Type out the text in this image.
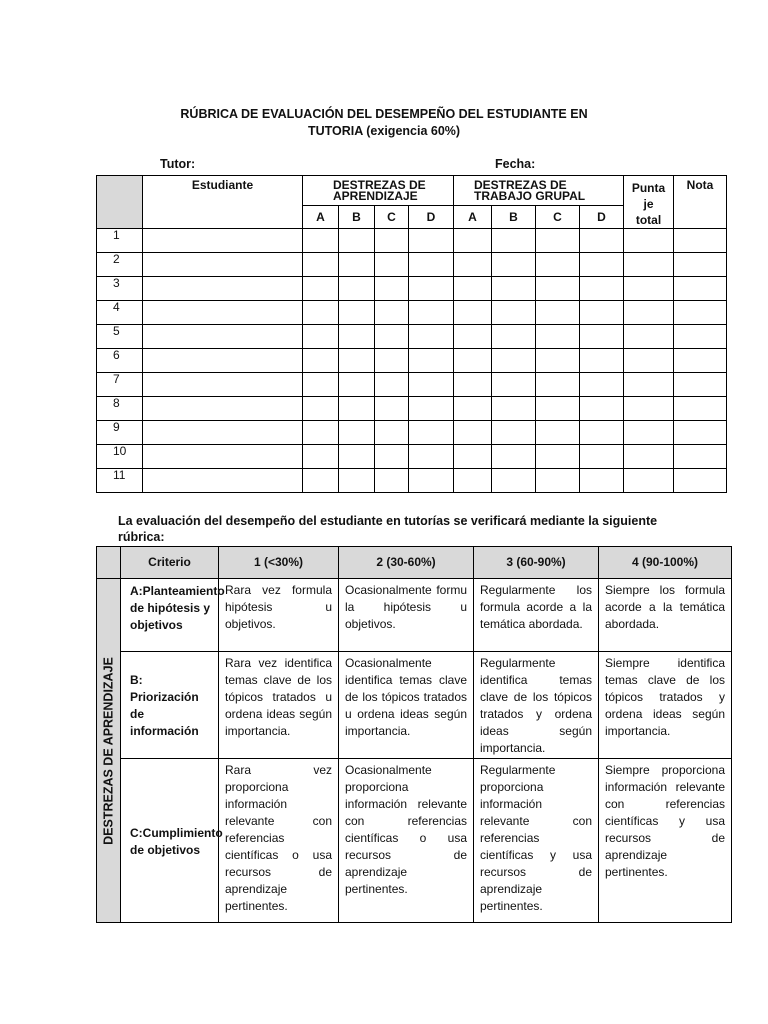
RÚBRICA DE EVALUACIÓN DEL DESEMPEÑO DEL ESTUDIANTE EN
TUTORIA (exigencia 60%)
Tutor:	Fecha:
	Estudiante	DESTREZAS DE APRENDIZAJE				DESTREZAS DE TRABAJO GRUPAL				Punta je total	Nota
		A	B	C	D	A	B	C	D		
1											
2											
3											
4											
5											
6											
7											
8											
9											
10											
11											
La evaluación del desempeño del estudiante en tutorías se verificará mediante la siguiente rúbrica:
	Criterio	1 (<30%)	2 (30-60%)	3 (60-90%)	4 (90-100%)

DESTREZAS DE APRENDIZAJE	A:Planteamiento de hipótesis y objetivos	Rara vez formula hipótesis u objetivos.	Ocasionalmente formu la hipótesis u objetivos.	Regularmente los formula acorde a la temática abordada.	Siempre los formula acorde a la temática abordada.
	B: Priorización de información	Rara vez identifica temas clave de los tópicos tratados u ordena ideas según importancia.	Ocasionalmente identifica temas clave de los tópicos tratados u ordena ideas según importancia.	Regularmente identifica temas clave de los tópicos tratados y ordena ideas según importancia.	Siempre identifica temas clave de los tópicos tratados y ordena ideas según importancia.
	C:Cumplimiento de objetivos	Rara vez proporciona información relevante con referencias científicas o usa recursos de aprendizaje pertinentes.	Ocasionalmente proporciona información relevante con referencias científicas o usa recursos de aprendizaje pertinentes.	Regularmente proporciona información relevante con referencias científicas y usa recursos de aprendizaje pertinentes.	Siempre proporciona información relevante con referencias científicas y usa recursos de aprendizaje pertinentes.
